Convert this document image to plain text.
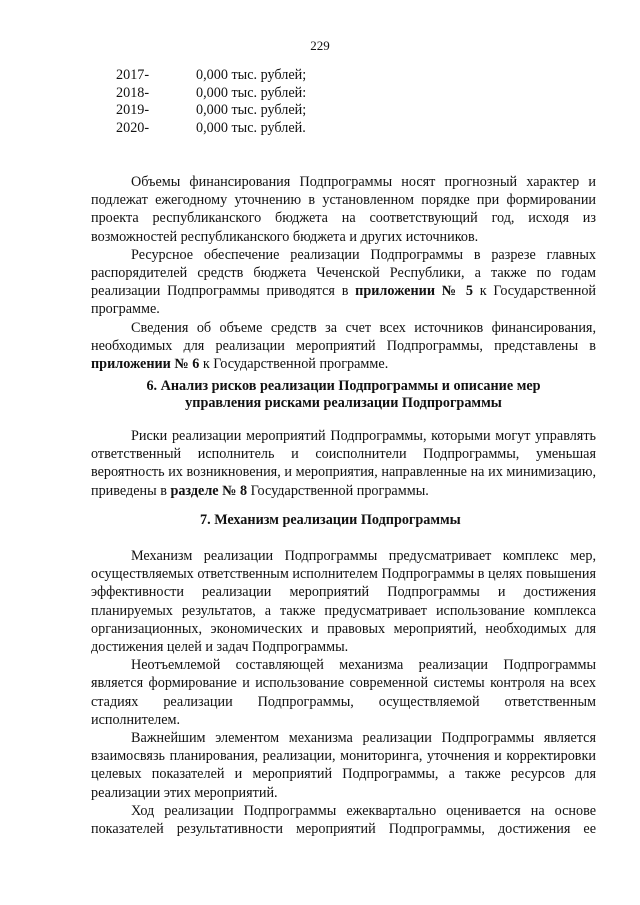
229
2017-	0,000 тыс. рублей;
2018-	0,000 тыс. рублей:
2019-	0,000 тыс. рублей;
2020-	0,000 тыс. рублей.

Объемы финансирования Подпрограммы носят прогнозный характер и подлежат ежегодному уточнению в установленном порядке при формировании проекта республиканского бюджета на соответствующий год, исходя из возможностей республиканского бюджета и других источников.

Ресурсное обеспечение реализации Подпрограммы в разрезе главных распорядителей средств бюджета Чеченской Республики, а также по годам реализации Подпрограммы приводятся в приложении № 5 к Государственной программе.

Сведения об объеме средств за счет всех источников финансирования, необходимых для реализации мероприятий Подпрограммы, представлены в приложении № 6 к Государственной программе.

6. Анализ рисков реализации Подпрограммы и описание мер
управления рисками реализации Подпрограммы

Риски реализации мероприятий Подпрограммы, которыми могут управлять ответственный исполнитель и соисполнители Подпрограммы, уменьшая вероятность их возникновения, и мероприятия, направленные на их минимизацию, приведены в разделе № 8 Государственной программы.

7. Механизм реализации Подпрограммы

Механизм реализации Подпрограммы предусматривает комплекс мер, осуществляемых ответственным исполнителем Подпрограммы в целях повышения эффективности реализации мероприятий Подпрограммы и достижения планируемых результатов, а также предусматривает использование комплекса организационных, экономических и правовых мероприятий, необходимых для достижения целей и задач Подпрограммы.

Неотъемлемой составляющей механизма реализации Подпрограммы является формирование и использование современной системы контроля на всех стадиях реализации Подпрограммы, осуществляемой ответственным исполнителем.

Важнейшим элементом механизма реализации Подпрограммы является взаимосвязь планирования, реализации, мониторинга, уточнения и корректировки целевых показателей и мероприятий Подпрограммы, а также ресурсов для реализации этих мероприятий.

Ход реализации Подпрограммы ежеквартально оценивается на основе показателей результативности мероприятий Подпрограммы, достижения ее
